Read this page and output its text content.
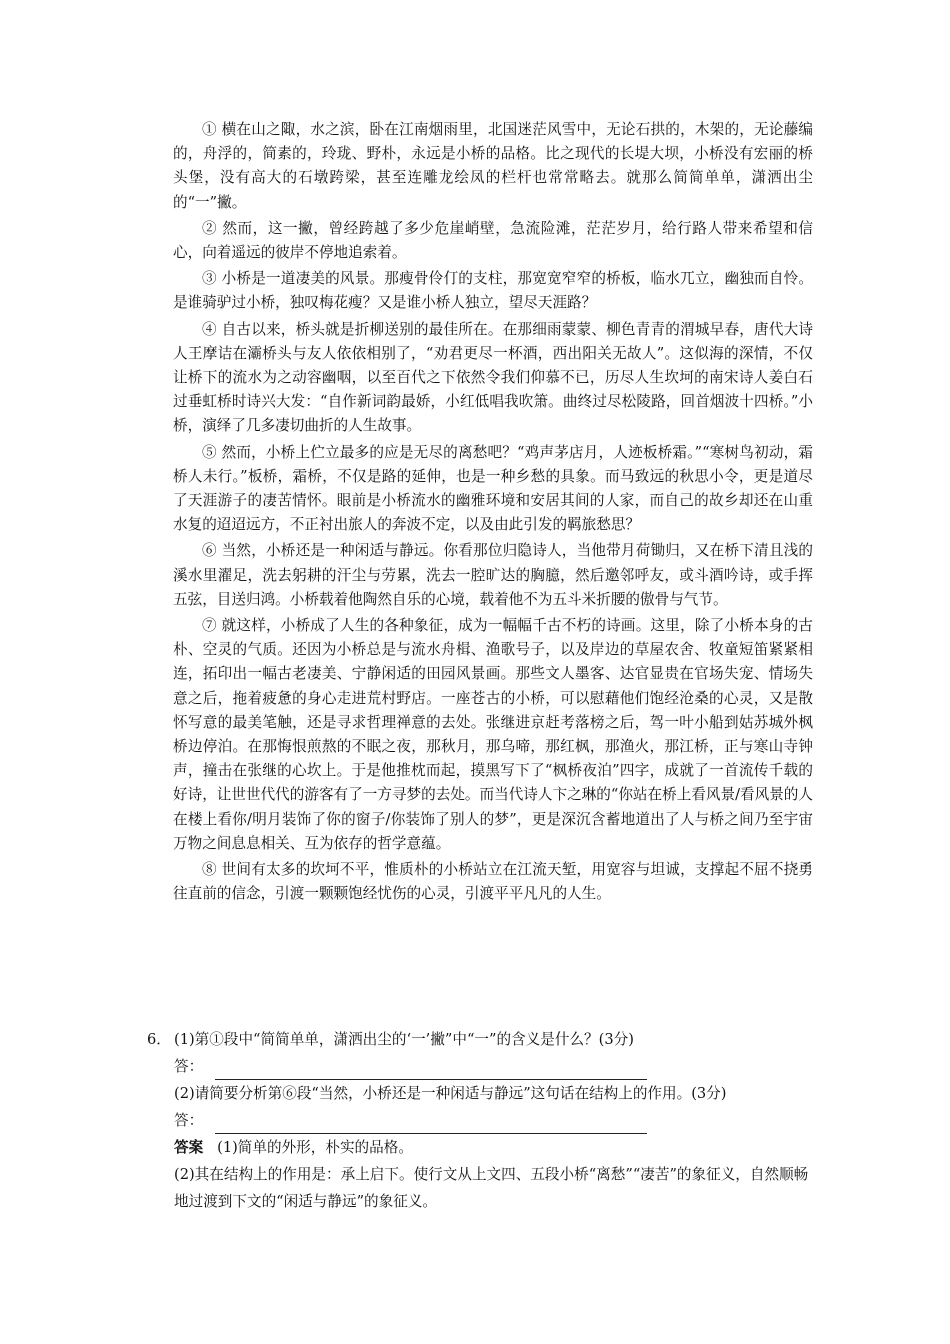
① 横在山之陬，水之滨，卧在江南烟雨里，北国迷茫风雪中，无论石拱的，木架的，无论藤编的，舟浮的，简素的，玲珑、野朴，永远是小桥的品格。比之现代的长堤大坝，小桥没有宏丽的桥头堡，没有高大的石墩跨梁，甚至连雕龙绘凤的栏杆也常常略去。就那么简简单单，潇洒出尘的“一”撇。

② 然而，这一撇，曾经跨越了多少危崖峭壁，急流险滩，茫茫岁月，给行路人带来希望和信心，向着遥远的彼岸不停地追索着。

③ 小桥是一道凄美的风景。那瘦骨伶仃的支柱，那宽宽窄窄的桥板，临水兀立，幽独而自怜。是谁骑驴过小桥，独叹梅花瘦？又是谁小桥人独立，望尽天涯路？

④ 自古以来，桥头就是折柳送别的最佳所在。在那细雨蒙蒙、柳色青青的渭城早春，唐代大诗人王摩诘在灞桥头与友人依依相别了，“劝君更尽一杯酒，西出阳关无故人”。这似海的深情，不仅让桥下的流水为之动容幽咽，以至百代之下依然令我们仰慕不已，历尽人生坎坷的南宋诗人姜白石过垂虹桥时诗兴大发：“自作新词韵最娇，小红低唱我吹箫。曲终过尽松陵路，回首烟波十四桥。”小桥，演绎了几多凄切曲折的人生故事。

⑤ 然而，小桥上伫立最多的应是无尽的离愁吧？“鸡声茅店月，人迹板桥霜。”“寒树鸟初动，霜桥人未行。”板桥，霜桥，不仅是路的延伸，也是一种乡愁的具象。而马致远的秋思小令，更是道尽了天涯游子的凄苦情怀。眼前是小桥流水的幽雅环境和安居其间的人家，而自己的故乡却还在山重水复的迢迢远方，不正衬出旅人的奔波不定，以及由此引发的羁旅愁思？

⑥ 当然，小桥还是一种闲适与静远。你看那位归隐诗人，当他带月荷锄归，又在桥下清且浅的溪水里濯足，洗去躬耕的汗尘与劳累，洗去一腔旷达的胸臆，然后邀邻呼友，或斗酒吟诗，或手挥五弦，目送归鸿。小桥载着他陶然自乐的心境，载着他不为五斗米折腰的傲骨与气节。

⑦ 就这样，小桥成了人生的各种象征，成为一幅幅千古不朽的诗画。这里，除了小桥本身的古朴、空灵的气质。还因为小桥总是与流水舟楫、渔歌号子，以及岸边的草屋农舍、牧童短笛紧紧相连，拓印出一幅古老凄美、宁静闲适的田园风景画。那些文人墨客、达官显贵在官场失宠、情场失意之后，拖着疲惫的身心走进荒村野店。一座苍古的小桥，可以慰藉他们饱经沧桑的心灵，又是散怀写意的最美笔触，还是寻求哲理禅意的去处。张继进京赶考落榜之后，驾一叶小船到姑苏城外枫桥边停泊。在那悔恨煎熬的不眠之夜，那秋月，那乌啼，那红枫，那渔火，那江桥，正与寒山寺钟声，撞击在张继的心坎上。于是他推枕而起，摸黑写下了“枫桥夜泊”四字，成就了一首流传千载的好诗，让世世代代的游客有了一方寻梦的去处。而当代诗人卞之琳的“你站在桥上看风景/看风景的人在楼上看你/明月装饰了你的窗子/你装饰了别人的梦”，更是深沉含蓄地道出了人与桥之间乃至宇宙万物之间息息相关、互为依存的哲学意蕴。

⑧ 世间有太多的坎坷不平，惟质朴的小桥站立在江流天堑，用宽容与坦诚，支撑起不屈不挠勇往直前的信念，引渡一颗颗饱经忧伤的心灵，引渡平平凡凡的人生。

6． (1)第①段中“简简单单，潇洒出尘的‘一’撇”中“一”的含义是什么？(3分)

答：

(2)请简要分析第⑥段“当然，小桥还是一种闲适与静远”这句话在结构上的作用。(3分)

答：

答案 (1)简单的外形，朴实的品格。

(2)其在结构上的作用是：承上启下。使行文从上文四、五段小桥“离愁”“凄苦”的象征义，自然顺畅地过渡到下文的“闲适与静远”的象征义。
